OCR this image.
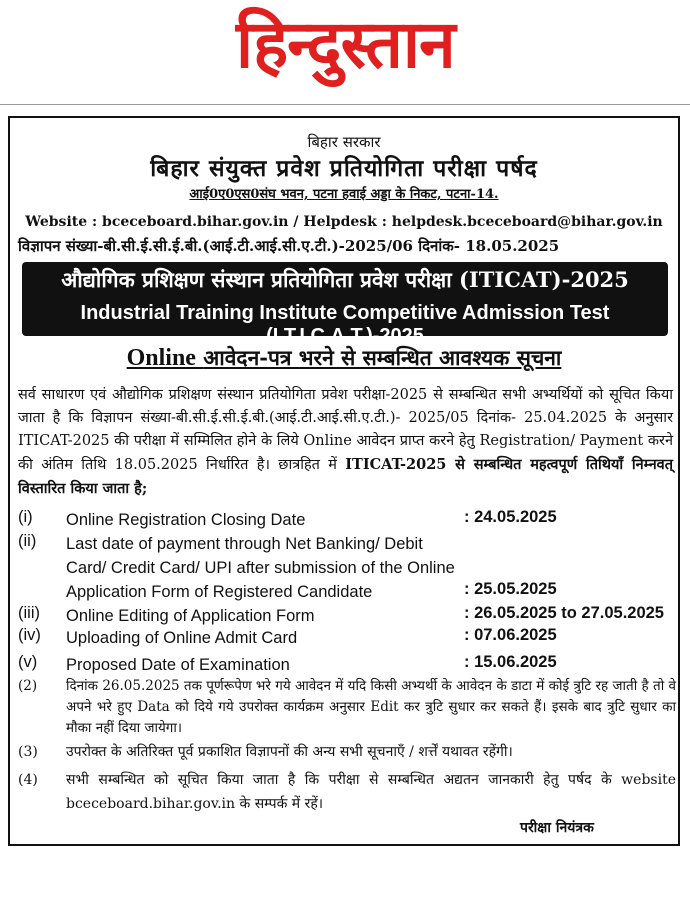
हिन्दुस्तान
बिहार सरकार
बिहार संयुक्त प्रवेश प्रतियोगिता परीक्षा पर्षद
आई0ए0एस0संघ भवन, पटना हवाई अड्डा के निकट, पटना-14.
Website : bceceboard.bihar.gov.in / Helpdesk : helpdesk.bceceboard@bihar.gov.in
विज्ञापन संख्या-बी.सी.ई.सी.ई.बी.(आई.टी.आई.सी.ए.टी.)-2025/06 दिनांक- 18.05.2025
औद्योगिक प्रशिक्षण संस्थान प्रतियोगिता प्रवेश परीक्षा (ITICAT)-2025
Industrial Training Institute Competitive Admission Test (I.T.I.C.A.T.)-2025
Online आवेदन-पत्र भरने से सम्बन्धित आवश्यक सूचना
सर्व साधारण एवं औद्योगिक प्रशिक्षण संस्थान प्रतियोगिता प्रवेश परीक्षा-2025 से सम्बन्धित सभी अभ्यर्थियों को सूचित किया जाता है कि विज्ञापन संख्या-बी.सी.ई.सी.ई.बी.(आई.टी.आई.सी.ए.टी.)- 2025/05 दिनांक- 25.04.2025 के अनुसार ITICAT-2025 की परीक्षा में सम्मिलित होने के लिये Online आवेदन प्राप्त करने हेतु Registration/ Payment करने की अंतिम तिथि 18.05.2025 निर्धारित है। छात्रहित में ITICAT-2025 से सम्बन्धित महत्वपूर्ण तिथियाँ निम्नवत् विस्तारित किया जाता है;
(i) Online Registration Closing Date	: 24.05.2025
(ii) Last date of payment through Net Banking/ Debit Card/ Credit Card/ UPI after submission of the Online Application Form of Registered Candidate	: 25.05.2025
(iii) Online Editing of Application Form	: 26.05.2025 to 27.05.2025
(iv) Uploading of Online Admit Card	: 07.06.2025
(v) Proposed Date of Examination	: 15.06.2025
(2) दिनांक 26.05.2025 तक पूर्णरूपेण भरे गये आवेदन में यदि किसी अभ्यर्थी के आवेदन के डाटा में कोई त्रुटि रह जाती है तो वे अपने भरे हुए Data को दिये गये उपरोक्त कार्यक्रम अनुसार Edit कर त्रुटि सुधार कर सकते हैं। इसके बाद त्रुटि सुधार का मौका नहीं दिया जायेगा।
(3) उपरोक्त के अतिरिक्त पूर्व प्रकाशित विज्ञापनों की अन्य सभी सूचनाएँ / शर्त्तें यथावत रहेंगी।
(4) सभी सम्बन्धित को सूचित किया जाता है कि परीक्षा से सम्बन्धित अद्यतन जानकारी हेतु पर्षद के website bceceboard.bihar.gov.in के सम्पर्क में रहें।
परीक्षा नियंत्रक
